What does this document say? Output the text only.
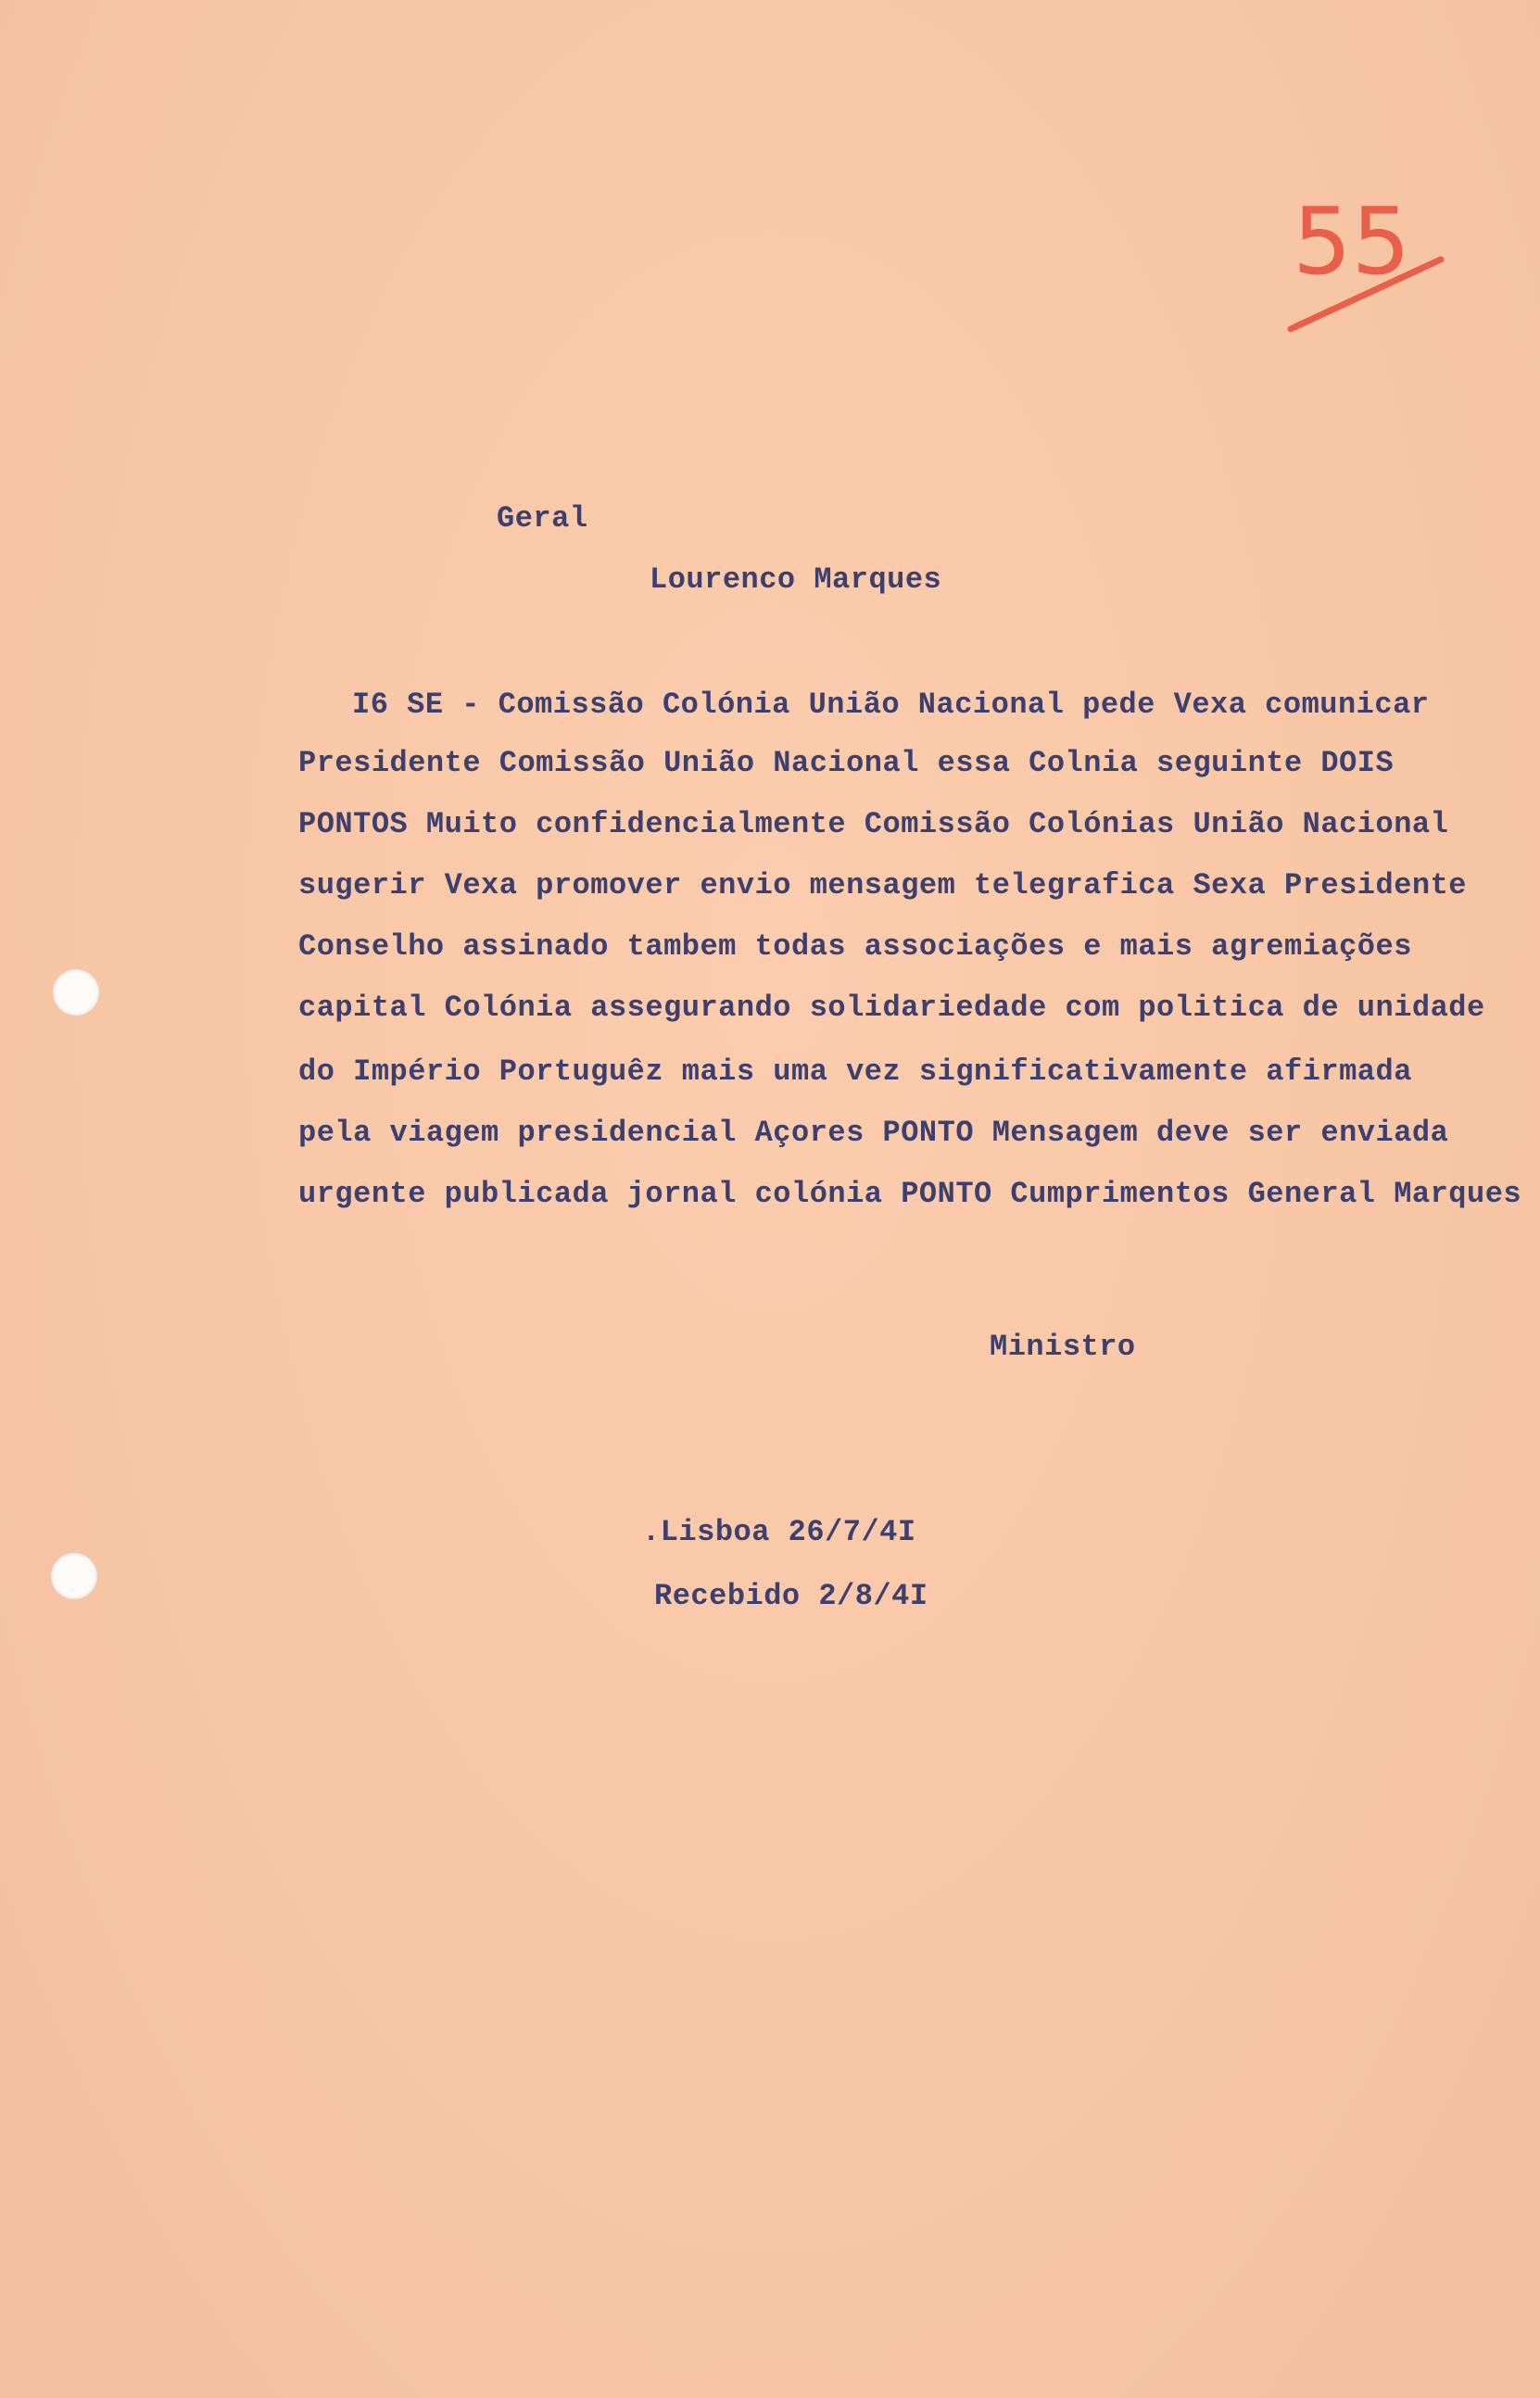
55
Geral
Lourenco Marques
I6 SE - Comissão Colónia União Nacional pede Vexa comunicar
Presidente Comissão União Nacional essa Colnia seguinte DOIS
PONTOS Muito confidencialmente Comissão Colónias União Nacional
sugerir Vexa promover envio mensagem telegrafica Sexa Presidente
Conselho assinado tambem todas associações e mais agremiações
capital Colónia assegurando solidariedade com politica de unidade
do Império Portuguêz mais uma vez significativamente afirmada
pela viagem presidencial Açores PONTO Mensagem deve ser enviada
urgente publicada jornal colónia PONTO Cumprimentos General Marques
Ministro
.Lisboa 26/7/4I
Recebido 2/8/4I
